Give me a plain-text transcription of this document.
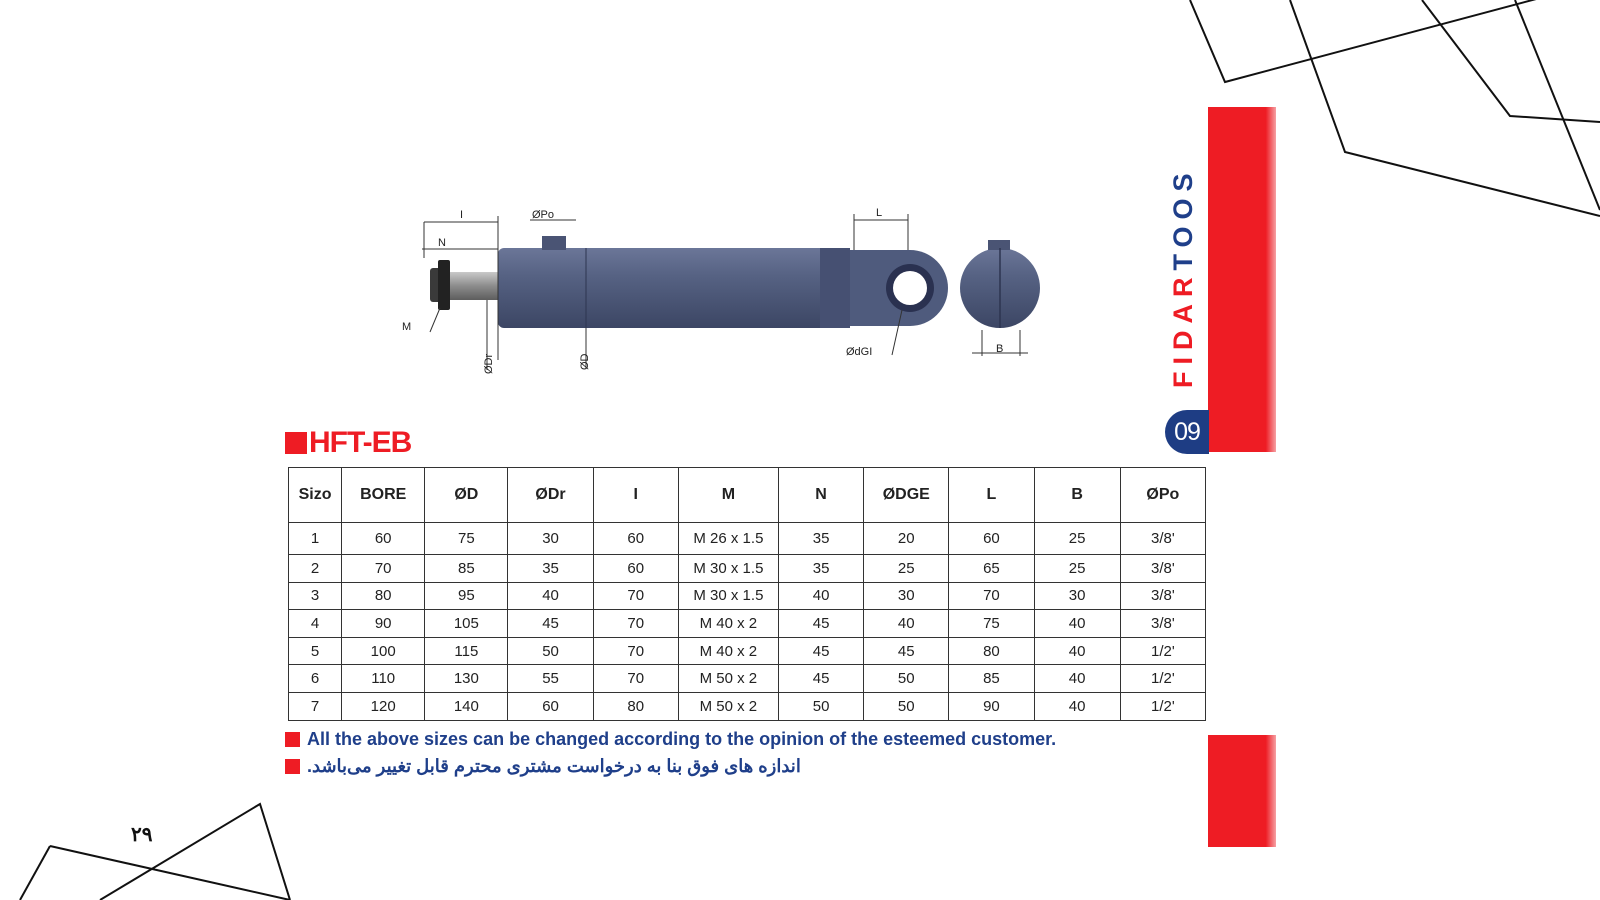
N
I	ØPo	L
M
ØDr	ØD
ØdGI	B	FIDARTOOS
09
HFT-EB
Sizo	BORE	ØD	ØDr	I	M	N	ØDGE	L	B	ØPo
1	60	75	30	60	M 26 x 1.5	35	20	60	25	3/8'
2	70	85	35	60	M 30 x 1.5	35	25	65	25	3/8'
3	80	95	40	70	M 30 x 1.5	40	30	70	30	3/8'
4	90	105	45	70	M 40 x 2	45	40	75	40	3/8'
5	100	115	50	70	M 40 x 2	45	45	80	40	1/2'
6	110	130	55	70	M 50 x 2	45	50	85	40	1/2'
7	120	140	60	80	M 50 x 2	50	50	90	40	1/2'
All the above sizes can be changed according to the opinion of the esteemed customer.
اندازه های فوق بنا به درخواست مشتری محترم قابل تغییر می‌باشد.
۲۹
